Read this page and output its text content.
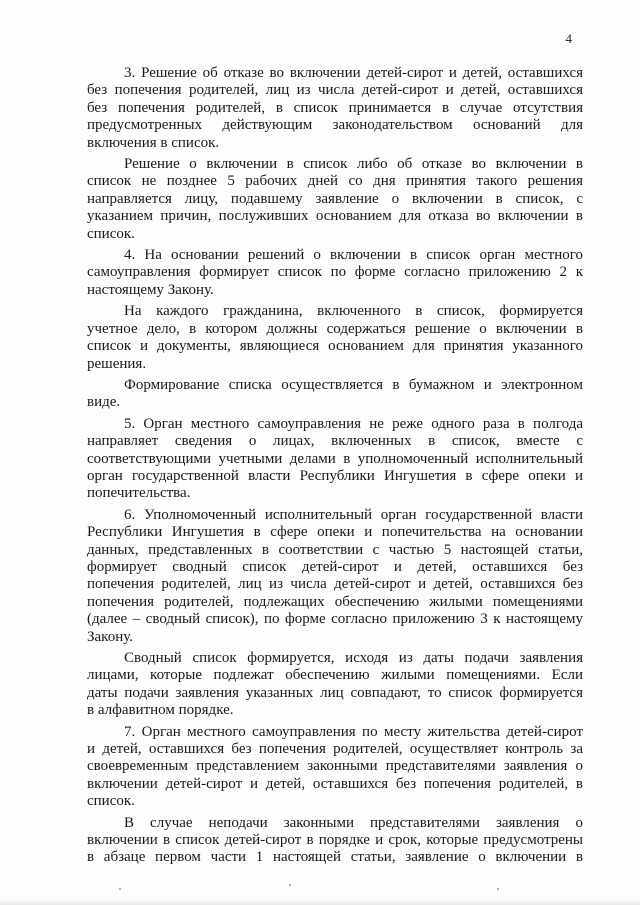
4

3. Решение об отказе во включении детей-сирот и детей, оставшихся
без попечения родителей, лиц из числа детей-сирот и детей, оставшихся
без попечения родителей, в список принимается в случае отсутствия
предусмотренных действующим законодательством оснований для
включения в список.

Решение о включении в список либо об отказе во включении в
список не позднее 5 рабочих дней со дня принятия такого решения
направляется лицу, подавшему заявление о включении в список, с
указанием причин, послуживших основанием для отказа во включении в
список.

4. На основании решений о включении в список орган местного
самоуправления формирует список по форме согласно приложению 2 к
настоящему Закону.

На каждого гражданина, включенного в список, формируется
учетное дело, в котором должны содержаться решение о включении в
список и документы, являющиеся основанием для принятия указанного
решения.

Формирование списка осуществляется в бумажном и электронном
виде.

5. Орган местного самоуправления не реже одного раза в полгода
направляет сведения о лицах, включенных в список, вместе с
соответствующими учетными делами в уполномоченный исполнительный
орган государственной власти Республики Ингушетия в сфере опеки и
попечительства.

6. Уполномоченный исполнительный орган государственной власти
Республики Ингушетия в сфере опеки и попечительства на основании
данных, представленных в соответствии с частью 5 настоящей статьи,
формирует сводный список детей-сирот и детей, оставшихся без
попечения родителей, лиц из числа детей-сирот и детей, оставшихся без
попечения родителей, подлежащих обеспечению жилыми помещениями
(далее – сводный список), по форме согласно приложению 3 к настоящему
Закону.

Сводный список формируется, исходя из даты подачи заявления
лицами, которые подлежат обеспечению жилыми помещениями. Если
даты подачи заявления указанных лиц совпадают, то список формируется
в алфавитном порядке.

7. Орган местного самоуправления по месту жительства детей-сирот
и детей, оставшихся без попечения родителей, осуществляет контроль за
своевременным представлением законными представителями заявления о
включении детей-сирот и детей, оставшихся без попечения родителей, в
список.

В случае неподачи законными представителями заявления о
включении в список детей-сирот в порядке и срок, которые предусмотрены
в абзаце первом части 1 настоящей статьи, заявление о включении в
